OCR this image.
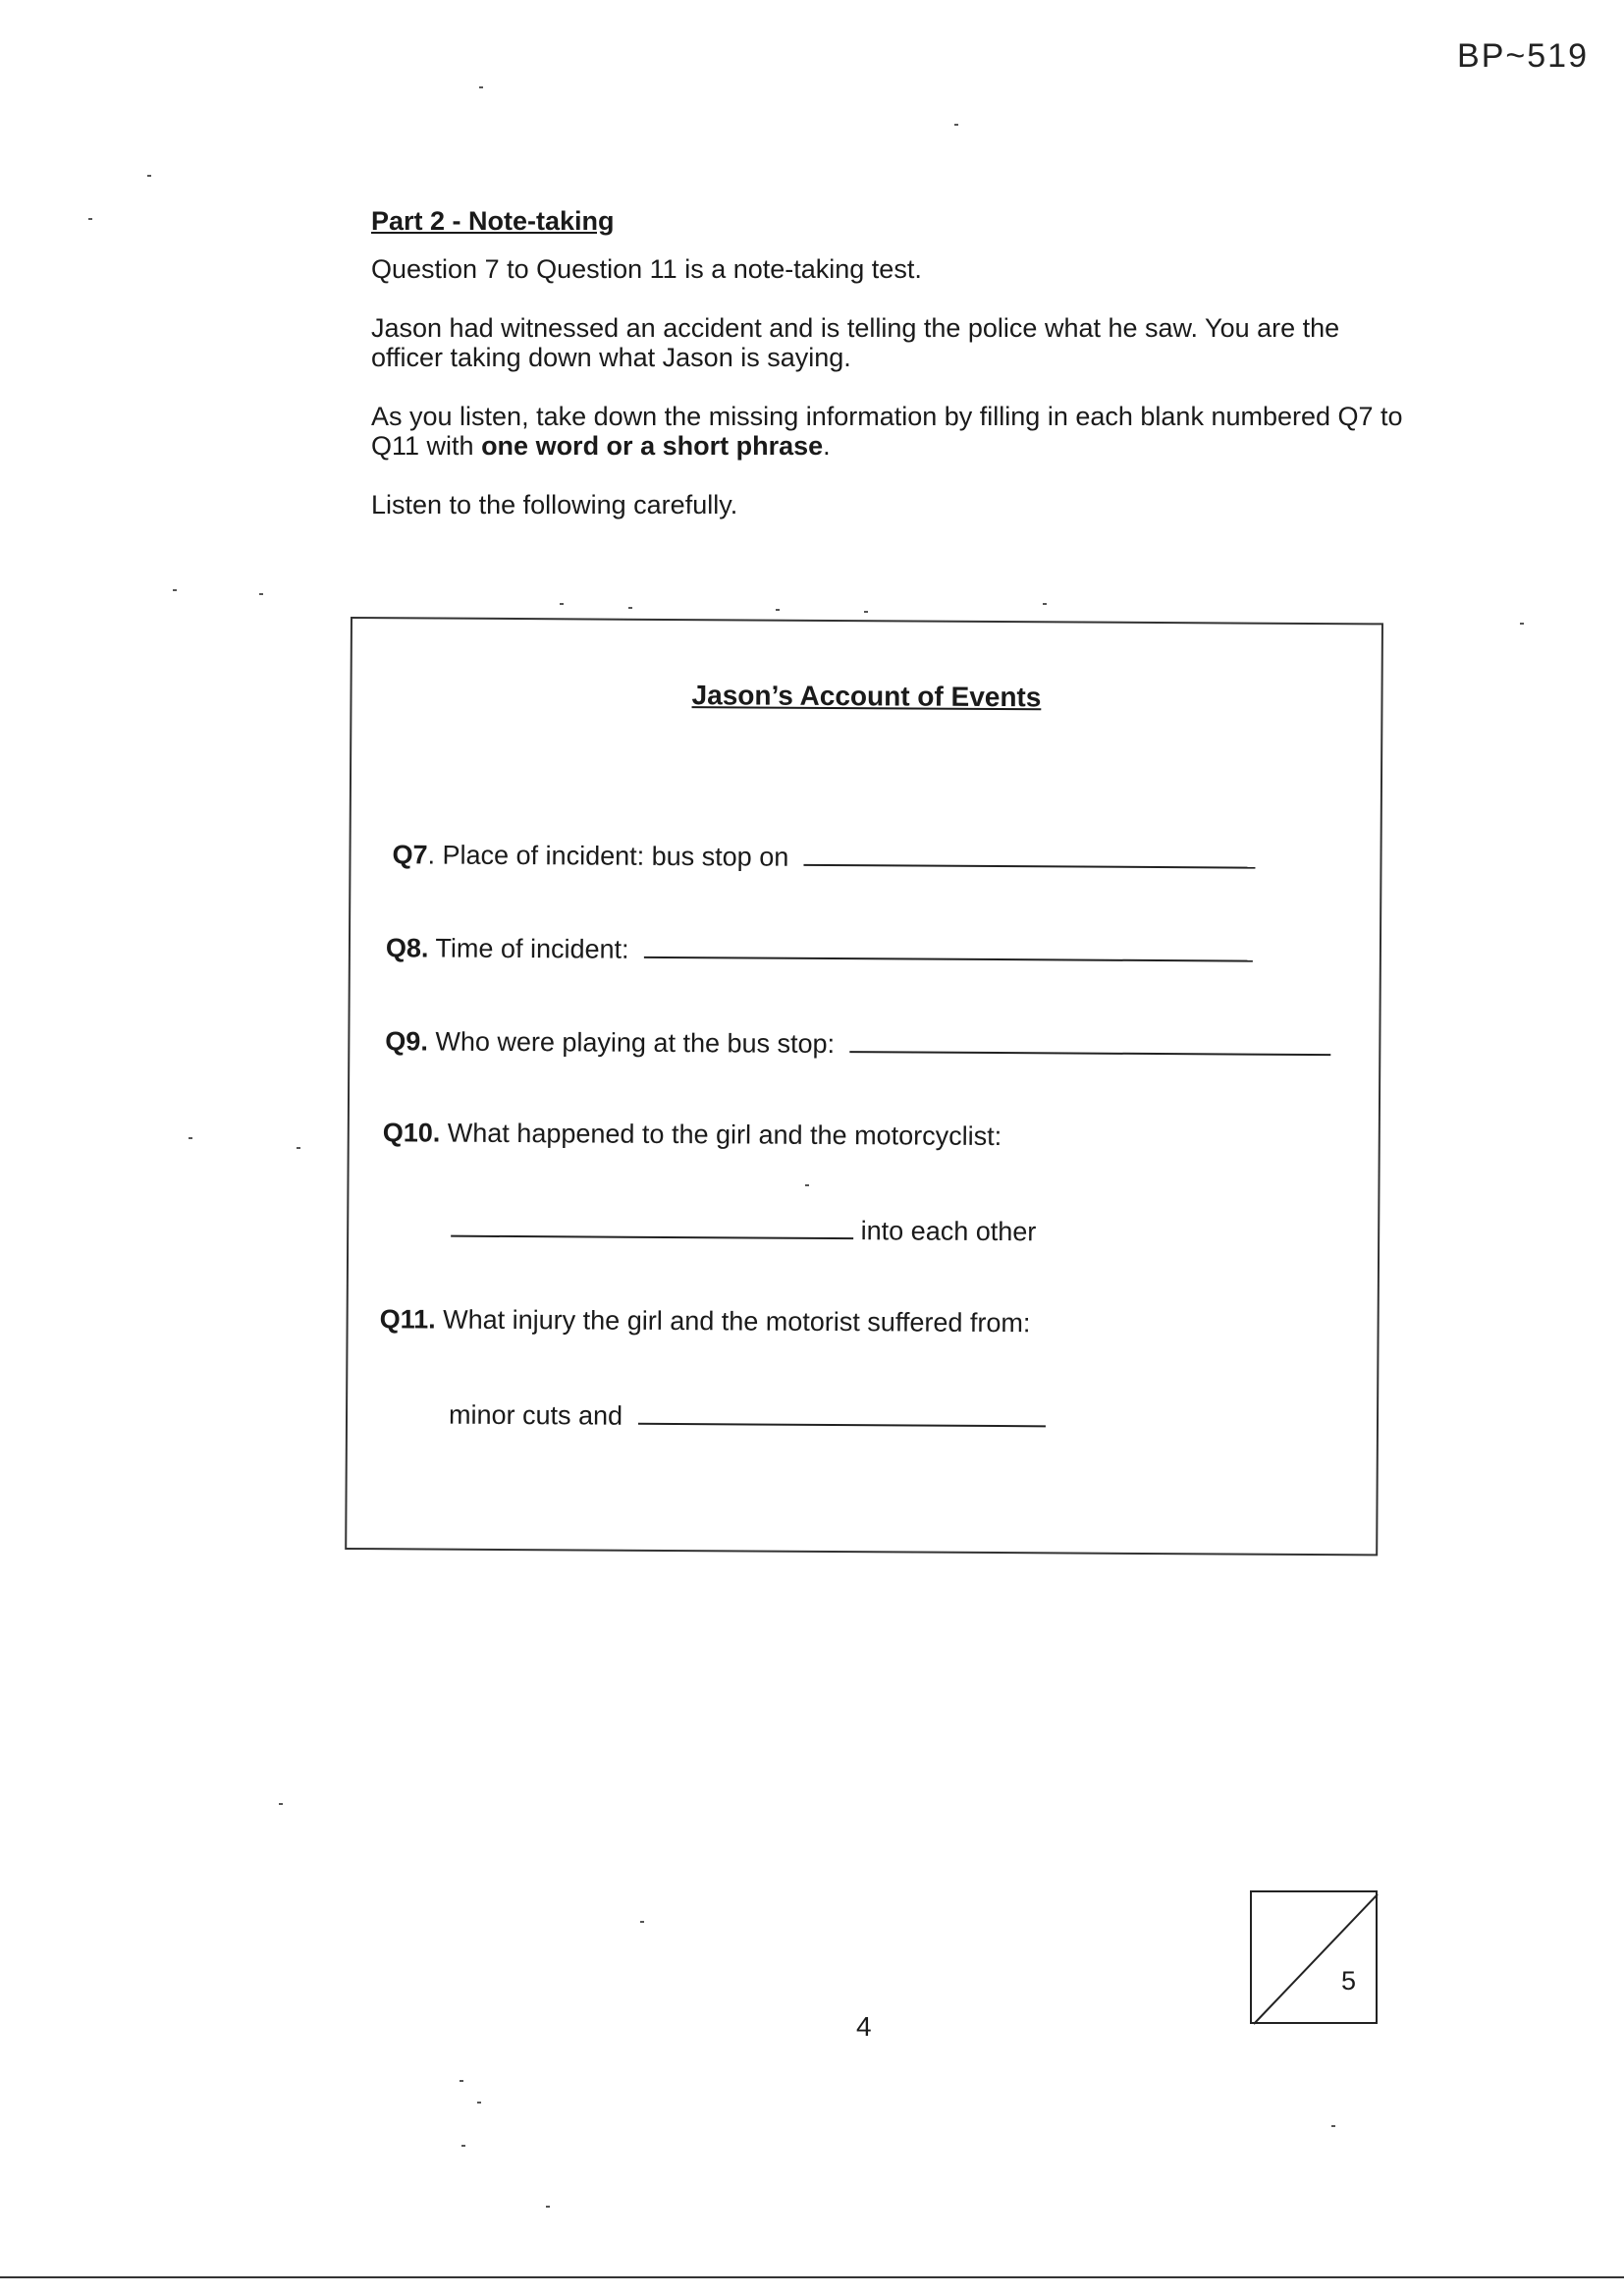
BP~519
Part 2 - Note-taking
Question 7 to Question 11 is a note-taking test.
Jason had witnessed an accident and is telling the police what he saw. You are the officer taking down what Jason is saying.
As you listen, take down the missing information by filling in each blank numbered Q7 to Q11 with one word or a short phrase.
Listen to the following carefully.
Jason’s Account of Events
Q7. Place of incident: bus stop on
Q8. Time of incident:
Q9. Who were playing at the bus stop:
Q10. What happened to the girl and the motorcyclist:
into each other
Q11. What injury the girl and the motorist suffered from:
minor cuts and
4
5
